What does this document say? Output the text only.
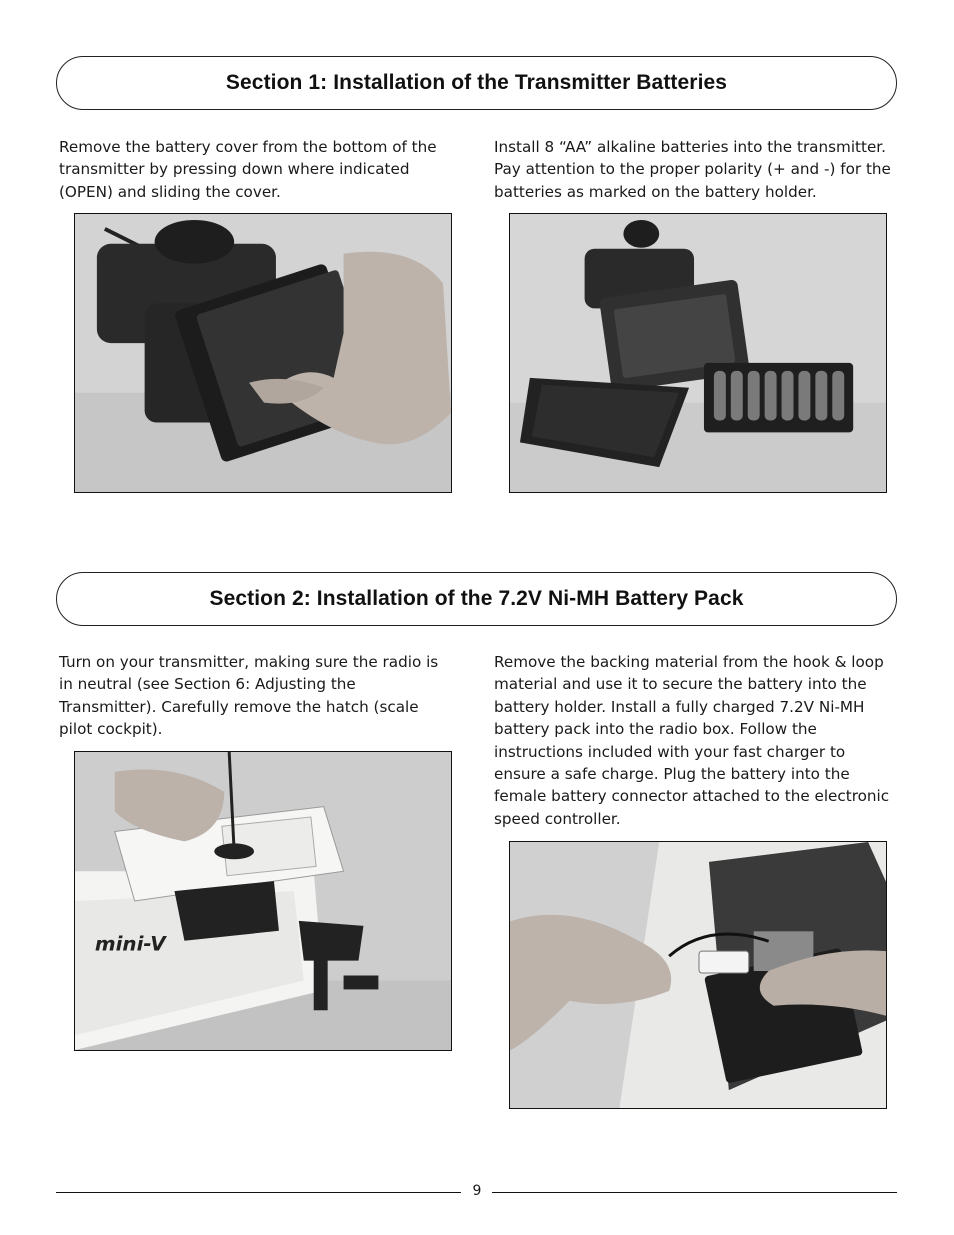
Section 1: Installation of the Transmitter Batteries

Remove the battery cover from the bottom of the transmitter by pressing down where indicated (OPEN) and sliding the cover.

Install 8 “AA” alkaline batteries into the transmitter. Pay attention to the proper polarity (+ and -) for the batteries as marked on the battery holder.

Section 2: Installation of the 7.2V Ni-MH Battery Pack

Turn on your transmitter, making sure the radio is in neutral (see Section 6: Adjusting the Transmitter). Carefully remove the hatch (scale pilot cockpit).

Remove the backing material from the hook & loop material and use it to secure the battery into the battery holder. Install a fully charged 7.2V Ni-MH battery pack into the radio box. Follow the instructions included with your fast charger to ensure a safe charge. Plug the battery into the female battery connector attached to the electronic speed controller.

mini-V
9
